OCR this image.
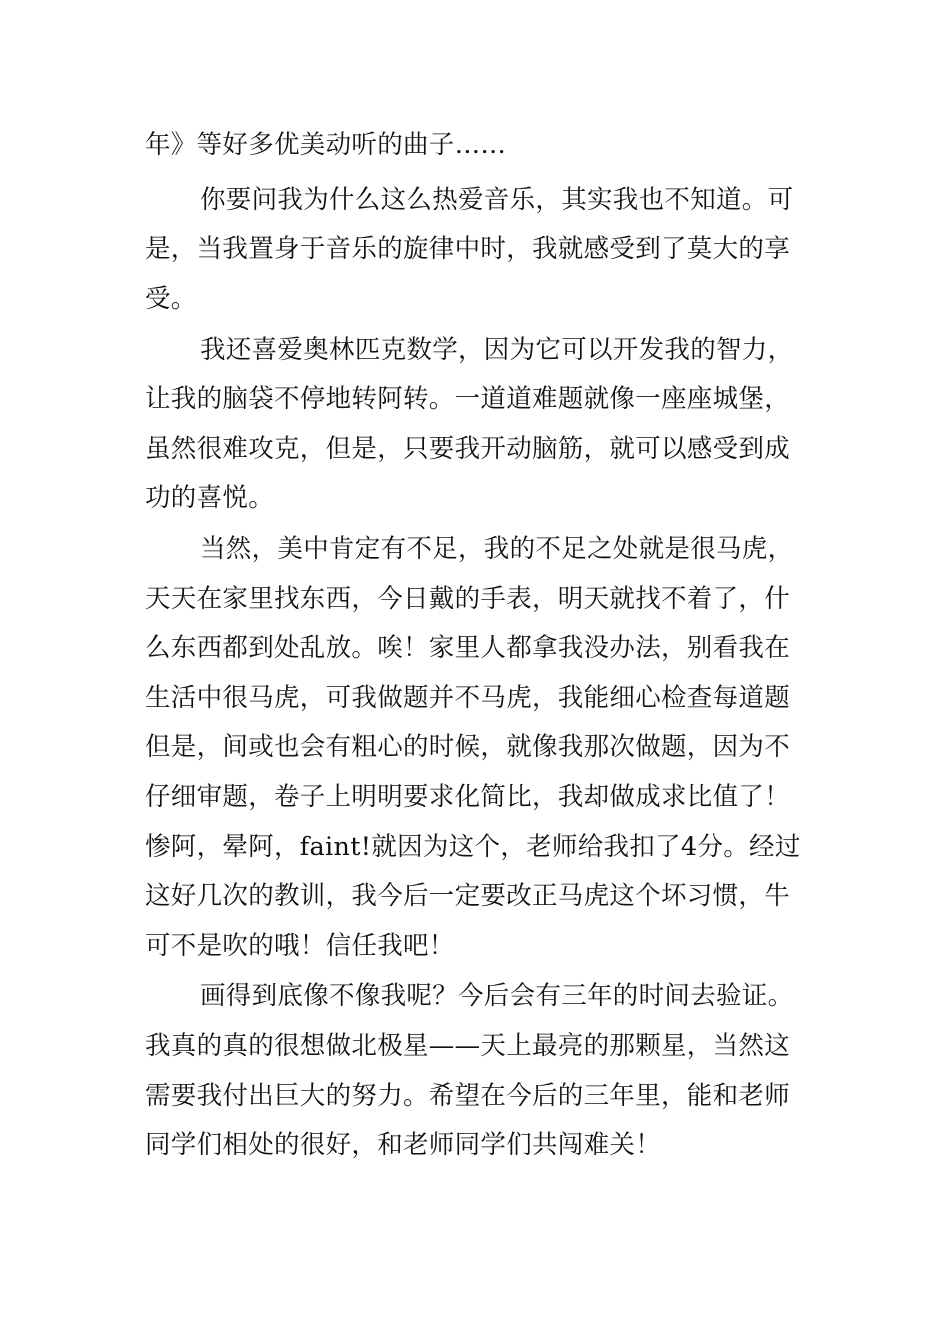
年》等好多优美动听的曲子……
你要问我为什么这么热爱音乐，其实我也不知道。可
是，当我置身于音乐的旋律中时，我就感受到了莫大的享
受。
我还喜爱奥林匹克数学，因为它可以开发我的智力，
让我的脑袋不停地转阿转。一道道难题就像一座座城堡，
虽然很难攻克，但是，只要我开动脑筋，就可以感受到成
功的喜悦。
当然，美中肯定有不足，我的不足之处就是很马虎，
天天在家里找东西，今日戴的手表，明天就找不着了，什
么东西都到处乱放。唉！家里人都拿我没办法，别看我在
生活中很马虎，可我做题并不马虎，我能细心检查每道题
但是，间或也会有粗心的时候，就像我那次做题，因为不
仔细审题，卷子上明明要求化简比，我却做成求比值了！
惨阿，晕阿，faint!就因为这个，老师给我扣了4分。经过
这好几次的教训，我今后一定要改正马虎这个坏习惯，牛
可不是吹的哦！信任我吧！
画得到底像不像我呢？今后会有三年的时间去验证。
我真的真的很想做北极星——天上最亮的那颗星，当然这
需要我付出巨大的努力。希望在今后的三年里，能和老师
同学们相处的很好，和老师同学们共闯难关！
